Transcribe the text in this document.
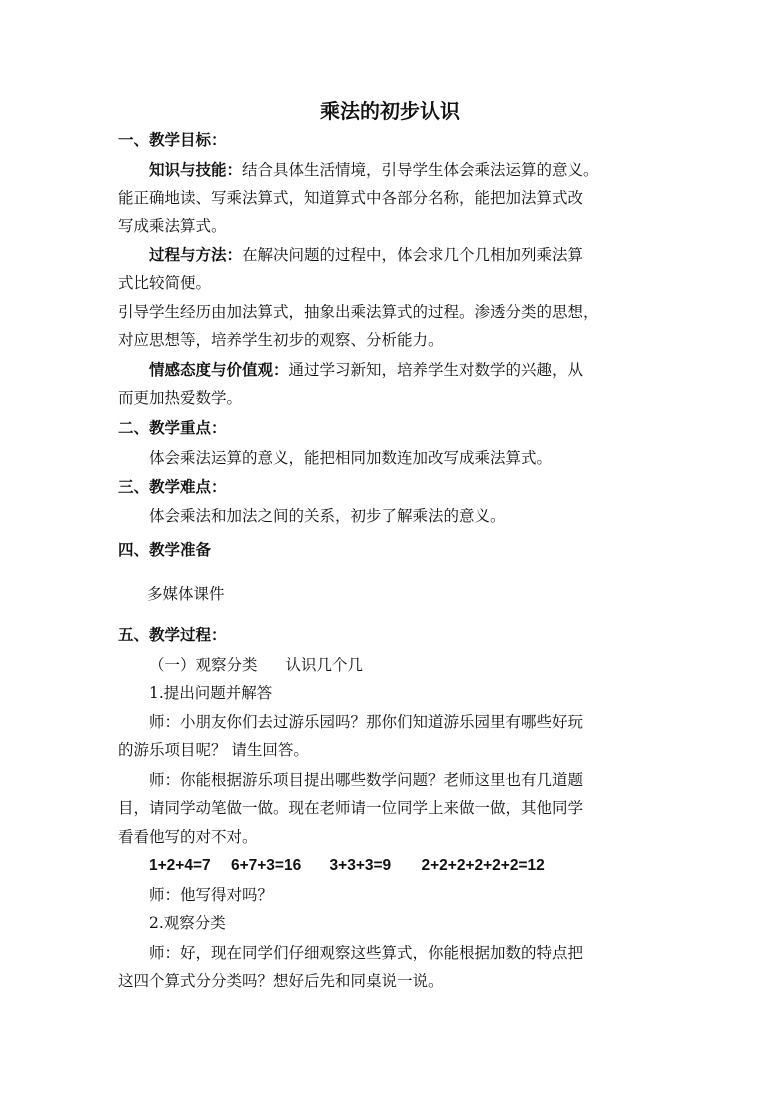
乘法的初步认识
一、教学目标：
知识与技能：结合具体生活情境，引导学生体会乘法运算的意义。
能正确地读、写乘法算式，知道算式中各部分名称，能把加法算式改
写成乘法算式。
过程与方法：在解决问题的过程中，体会求几个几相加列乘法算
式比较简便。
引导学生经历由加法算式，抽象出乘法算式的过程。渗透分类的思想，
对应思想等，培养学生初步的观察、分析能力。
情感态度与价值观：通过学习新知，培养学生对数学的兴趣，从
而更加热爱数学。
二、教学重点：
体会乘法运算的意义，能把相同加数连加改写成乘法算式。
三、教学难点：
体会乘法和加法之间的关系，初步了解乘法的意义。
四、教学准备
多媒体课件
五、教学过程：
（一）观察分类 认识几个几
1.提出问题并解答
师：小朋友你们去过游乐园吗？那你们知道游乐园里有哪些好玩
的游乐项目呢？ 请生回答。
师：你能根据游乐项目提出哪些数学问题？老师这里也有几道题
目，请同学动笔做一做。现在老师请一位同学上来做一做，其他同学
看看他写的对不对。
1+2+4=7 6+7+3=16 3+3+3=9 2+2+2+2+2+2=12
师：他写得对吗？
2.观察分类
师：好，现在同学们仔细观察这些算式，你能根据加数的特点把
这四个算式分分类吗？想好后先和同桌说一说。
